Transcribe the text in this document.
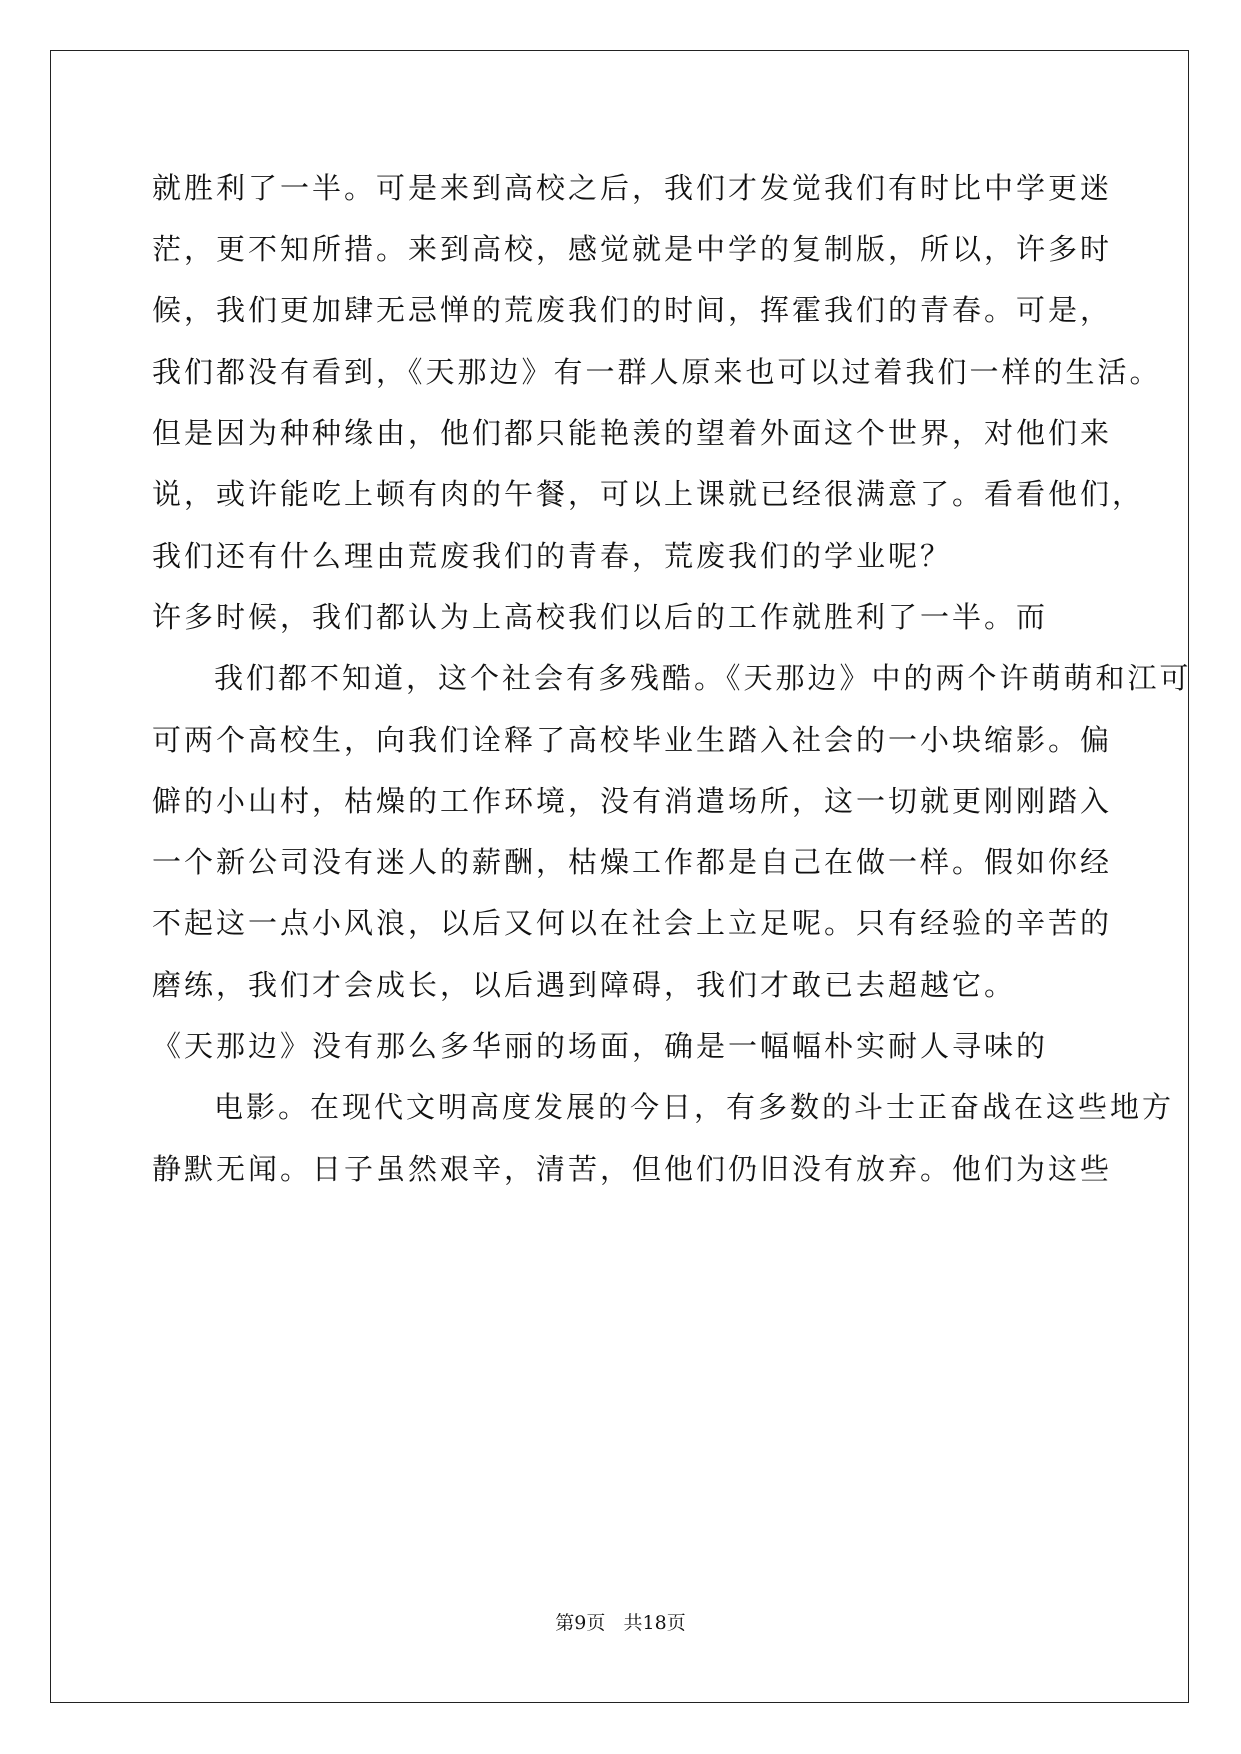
就胜利了一半。可是来到高校之后，我们才发觉我们有时比中学更迷
茫，更不知所措。来到高校，感觉就是中学的复制版，所以，许多时
候，我们更加肆无忌惮的荒废我们的时间，挥霍我们的青春。可是，
我们都没有看到，《天那边》有一群人原来也可以过着我们一样的生活。
但是因为种种缘由，他们都只能艳羡的望着外面这个世界，对他们来
说，或许能吃上顿有肉的午餐，可以上课就已经很满意了。看看他们，
我们还有什么理由荒废我们的青春，荒废我们的学业呢？
许多时候，我们都认为上高校我们以后的工作就胜利了一半。而
我们都不知道，这个社会有多残酷。《天那边》中的两个许萌萌和江可
可两个高校生，向我们诠释了高校毕业生踏入社会的一小块缩影。偏
僻的小山村，枯燥的工作环境，没有消遣场所，这一切就更刚刚踏入
一个新公司没有迷人的薪酬，枯燥工作都是自己在做一样。假如你经
不起这一点小风浪，以后又何以在社会上立足呢。只有经验的辛苦的
磨练，我们才会成长，以后遇到障碍，我们才敢已去超越它。
《天那边》没有那么多华丽的场面，确是一幅幅朴实耐人寻味的
电影。在现代文明高度发展的今日，有多数的斗士正奋战在这些地方
静默无闻。日子虽然艰辛，清苦，但他们仍旧没有放弃。他们为这些
第9页 共18页
